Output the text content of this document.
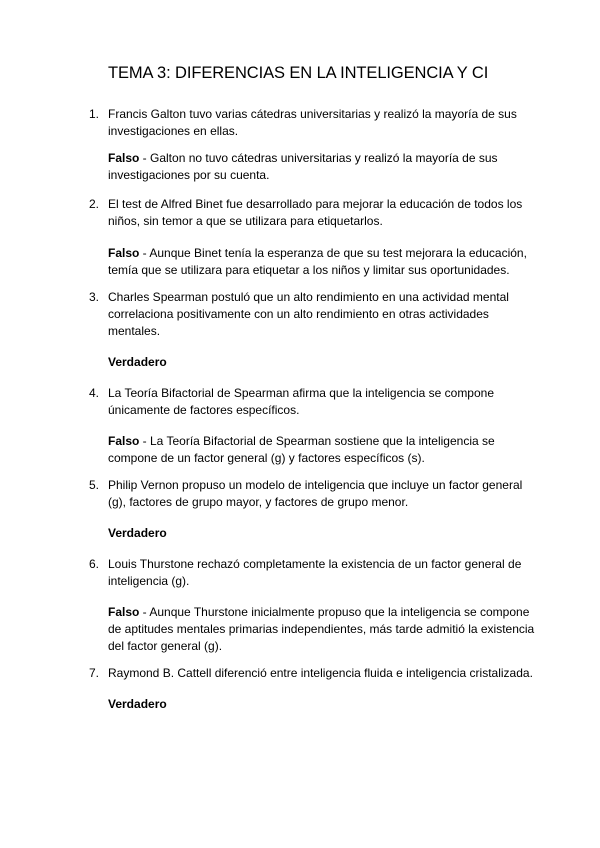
TEMA 3: DIFERENCIAS EN LA INTELIGENCIA Y CI
1. Francis Galton tuvo varias cátedras universitarias y realizó la mayoría de sus investigaciones en ellas.

Falso - Galton no tuvo cátedras universitarias y realizó la mayoría de sus investigaciones por su cuenta.

2. El test de Alfred Binet fue desarrollado para mejorar la educación de todos los niños, sin temor a que se utilizara para etiquetarlos.

Falso - Aunque Binet tenía la esperanza de que su test mejorara la educación, temía que se utilizara para etiquetar a los niños y limitar sus oportunidades.

3. Charles Spearman postuló que un alto rendimiento en una actividad mental correlaciona positivamente con un alto rendimiento en otras actividades mentales.

Verdadero

4. La Teoría Bifactorial de Spearman afirma que la inteligencia se compone únicamente de factores específicos.

Falso - La Teoría Bifactorial de Spearman sostiene que la inteligencia se compone de un factor general (g) y factores específicos (s).

5. Philip Vernon propuso un modelo de inteligencia que incluye un factor general (g), factores de grupo mayor, y factores de grupo menor.

Verdadero

6. Louis Thurstone rechazó completamente la existencia de un factor general de inteligencia (g).

Falso - Aunque Thurstone inicialmente propuso que la inteligencia se compone de aptitudes mentales primarias independientes, más tarde admitió la existencia del factor general (g).

7. Raymond B. Cattell diferenció entre inteligencia fluida e inteligencia cristalizada.

Verdadero
